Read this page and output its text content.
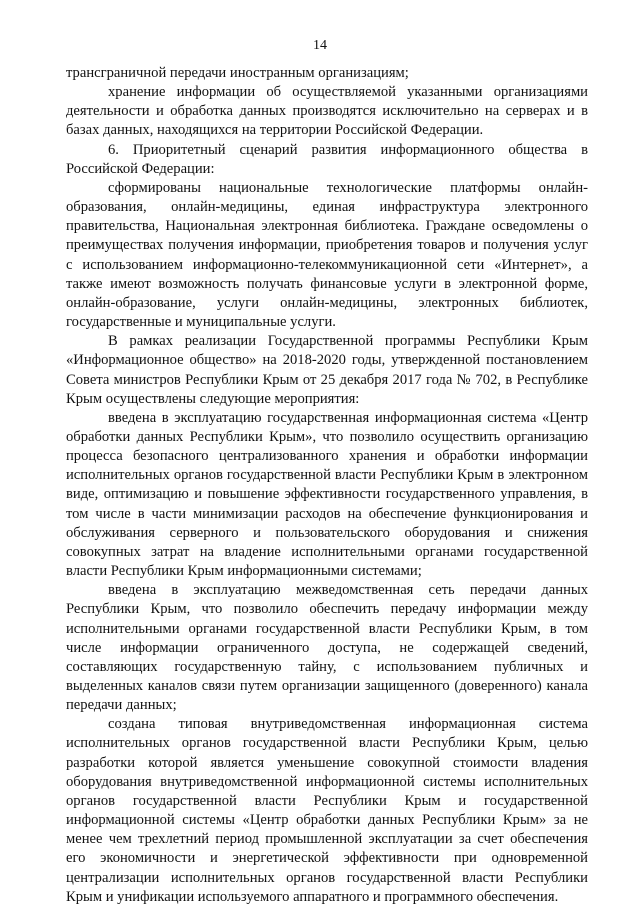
14

трансграничной передачи иностранным организациям;

хранение информации об осуществляемой указанными организациями деятельности и обработка данных производятся исключительно на серверах и в базах данных, находящихся на территории Российской Федерации.

6. Приоритетный сценарий развития информационного общества в Российской Федерации:

сформированы национальные технологические платформы онлайн-образования, онлайн-медицины, единая инфраструктура электронного правительства, Национальная электронная библиотека. Граждане осведомлены о преимуществах получения информации, приобретения товаров и получения услуг с использованием информационно-телекоммуникационной сети «Интернет», а также имеют возможность получать финансовые услуги в электронной форме, онлайн-образование, услуги онлайн-медицины, электронных библиотек, государственные и муниципальные услуги.

В рамках реализации Государственной программы Республики Крым «Информационное общество» на 2018-2020 годы, утвержденной постановлением Совета министров Республики Крым от 25 декабря 2017 года № 702, в Республике Крым осуществлены следующие мероприятия:

введена в эксплуатацию государственная информационная система «Центр обработки данных Республики Крым», что позволило осуществить организацию процесса безопасного централизованного хранения и обработки информации исполнительных органов государственной власти Республики Крым в электронном виде, оптимизацию и повышение эффективности государственного управления, в том числе в части минимизации расходов на обеспечение функционирования и обслуживания серверного и пользовательского оборудования и снижения совокупных затрат на владение исполнительными органами государственной власти Республики Крым информационными системами;

введена в эксплуатацию межведомственная сеть передачи данных Республики Крым, что позволило обеспечить передачу информации между исполнительными органами государственной власти Республики Крым, в том числе информации ограниченного доступа, не содержащей сведений, составляющих государственную тайну, с использованием публичных и выделенных каналов связи путем организации защищенного (доверенного) канала передачи данных;

создана типовая внутриведомственная информационная система исполнительных органов государственной власти Республики Крым, целью разработки которой является уменьшение совокупной стоимости владения оборудования внутриведомственной информационной системы исполнительных органов государственной власти Республики Крым и государственной информационной системы «Центр обработки данных Республики Крым» за не менее чем трехлетний период промышленной эксплуатации за счет обеспечения его экономичности и энергетической эффективности при одновременной централизации исполнительных органов государственной власти Республики Крым и унификации используемого аппаратного и программного обеспечения.
